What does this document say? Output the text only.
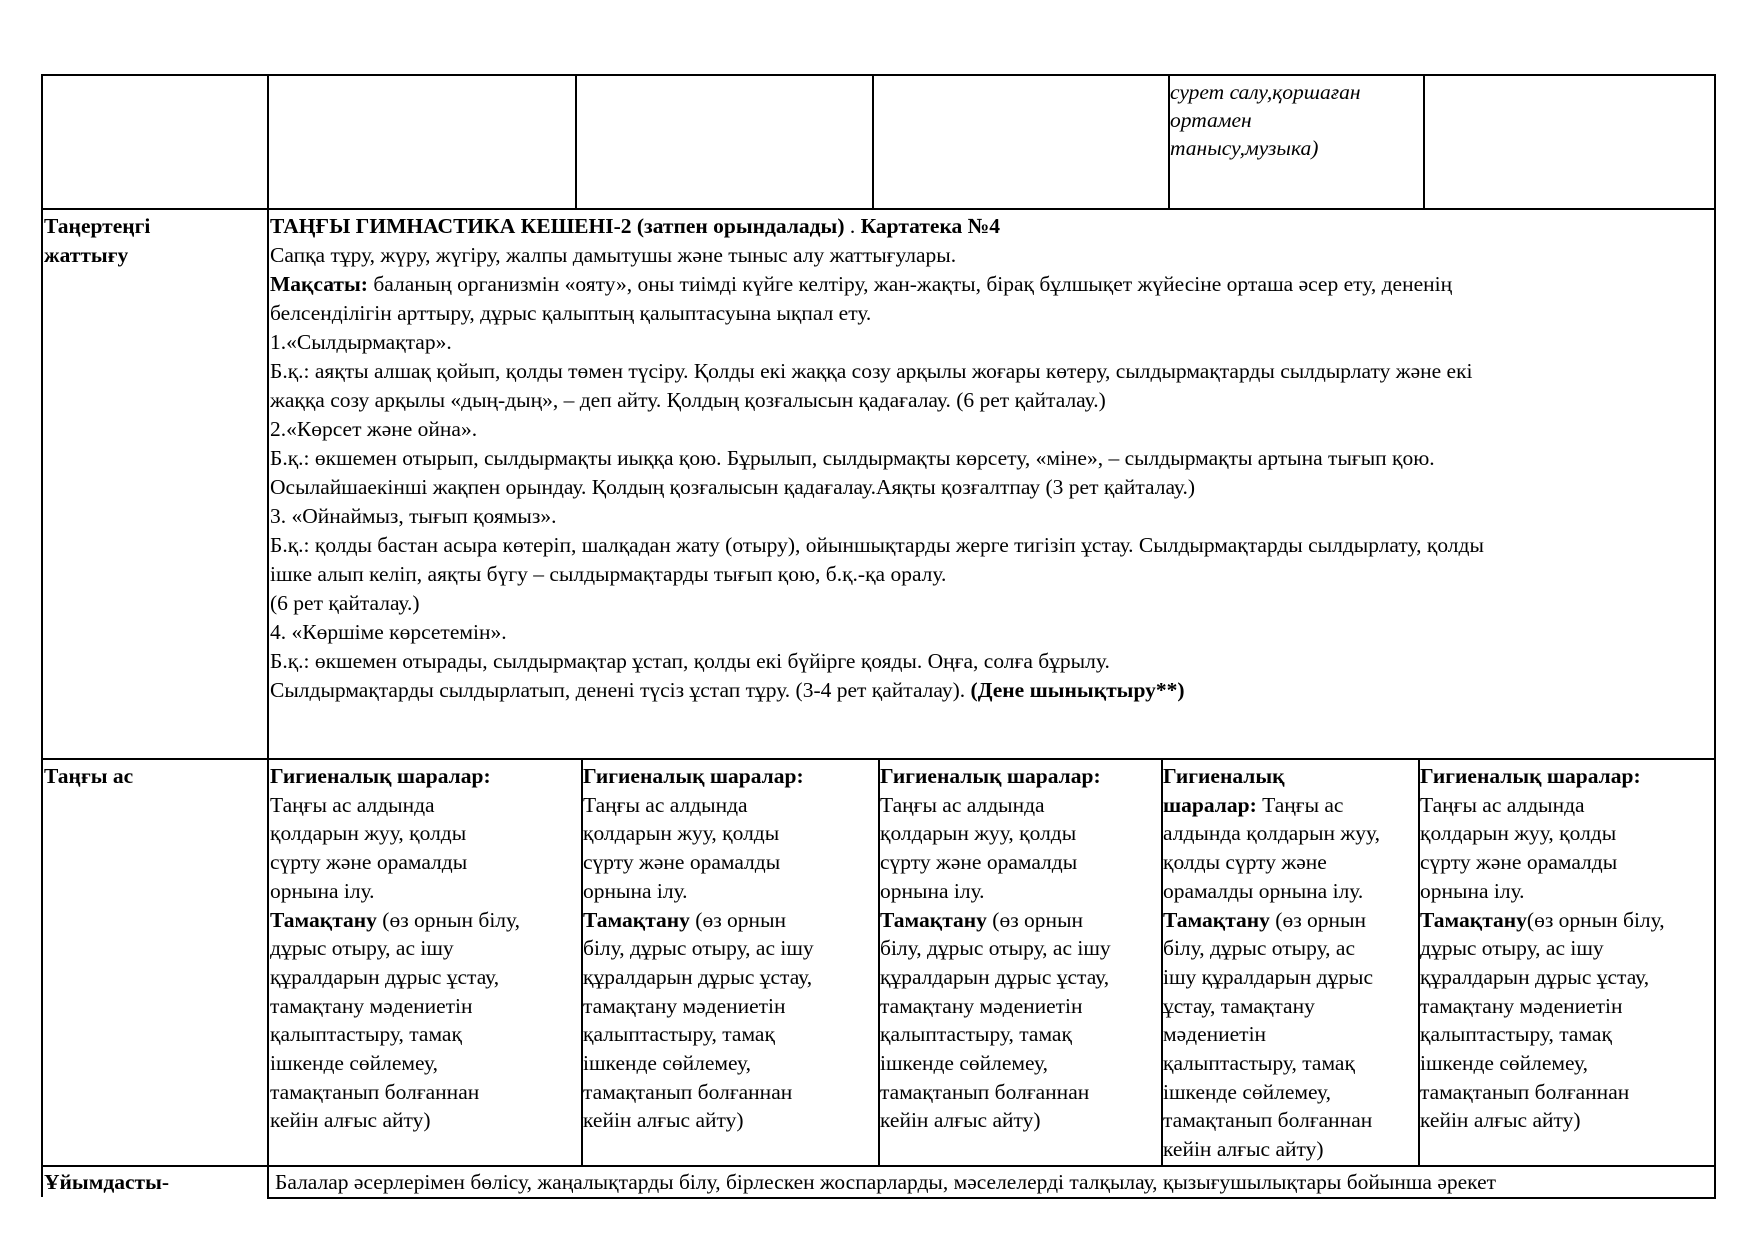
сурет салу,қоршаған
ортамен
танысу,музыка)
Таңертеңгі
жаттығу
ТАҢҒЫ ГИМНАСТИКА КЕШЕНІ-2 (затпен орындалады) . Картатека №4
Сапқа тұру, жүру, жүгіру, жалпы дамытушы және тыныс алу жаттығулары.
Мақсаты: баланың организмін «ояту», оны тиімді күйге келтіру, жан-жақты, бірақ бұлшықет жүйесіне орташа әсер ету, дененің
белсенділігін арттыру, дұрыс қалыптың қалыптасуына ықпал ету.
1.«Сылдырмақтар».
Б.қ.: аяқты алшақ қойып, қолды төмен түсіру. Қолды екі жаққа созу арқылы жоғары көтеру, сылдырмақтарды сылдырлату және екі
жаққа созу арқылы «дың-дың», – деп айту. Қолдың қозғалысын қадағалау. (6 рет қайталау.)
2.«Көрсет және ойна».
Б.қ.: өкшемен отырып, сылдырмақты иыққа қою. Бұрылып, сылдырмақты көрсету, «міне», – сылдырмақты артына тығып қою.
Осылайшаекінші жақпен орындау. Қолдың қозғалысын қадағалау.Аяқты қозғалтпау (3 рет қайталау.)
3. «Ойнаймыз, тығып қоямыз».
Б.қ.: қолды бастан асыра көтеріп, шалқадан жату (отыру), ойыншықтарды жерге тигізіп ұстау. Сылдырмақтарды сылдырлату, қолды
ішке алып келіп, аяқты бүгу – сылдырмақтарды тығып қою, б.қ.-қа оралу.
(6 рет қайталау.)
4. «Көршіме көрсетемін».
Б.қ.: өкшемен отырады, сылдырмақтар ұстап, қолды екі бүйірге қояды. Оңға, солға бұрылу.
Сылдырмақтарды сылдырлатып, денені түсіз ұстап тұру. (3-4 рет қайталау). (Дене шынықтыру**)
Таңғы ас	Гигиеналық шаралар:
Таңғы ас алдында
қолдарын жуу, қолды
сүрту және орамалды
орнына ілу.
Тамақтану (өз орнын білу,
дұрыс отыру, ас ішу
құралдарын дұрыс ұстау,
тамақтану мәдениетін
қалыптастыру, тамақ
ішкенде сөйлемеу,
тамақтанып болғаннан
кейін алғыс айту)
Гигиеналық шаралар:
Таңғы ас алдында
қолдарын жуу, қолды
сүрту және орамалды
орнына ілу.
Тамақтану (өз орнын
білу, дұрыс отыру, ас ішу
құралдарын дұрыс ұстау,
тамақтану мәдениетін
қалыптастыру, тамақ
ішкенде сөйлемеу,
тамақтанып болғаннан
кейін алғыс айту)
Гигиеналық шаралар:
Таңғы ас алдында
қолдарын жуу, қолды
сүрту және орамалды
орнына ілу.
Тамақтану (өз орнын
білу, дұрыс отыру, ас ішу
құралдарын дұрыс ұстау,
тамақтану мәдениетін
қалыптастыру, тамақ
ішкенде сөйлемеу,
тамақтанып болғаннан
кейін алғыс айту)
Гигиеналық
шаралар: Таңғы ас
алдында қолдарын жуу,
қолды сүрту және
орамалды орнына ілу.
Тамақтану (өз орнын
білу, дұрыс отыру, ас
ішу құралдарын дұрыс
ұстау, тамақтану
мәдениетін
қалыптастыру, тамақ
ішкенде сөйлемеу,
тамақтанып болғаннан
кейін алғыс айту)
Гигиеналық шаралар:
Таңғы ас алдында
қолдарын жуу, қолды
сүрту және орамалды
орнына ілу.
Тамақтану(өз орнын білу,
дұрыс отыру, ас ішу
құралдарын дұрыс ұстау,
тамақтану мәдениетін
қалыптастыру, тамақ
ішкенде сөйлемеу,
тамақтанып болғаннан
кейін алғыс айту)
Ұйымдасты-	Балалар әсерлерімен бөлісу, жаңалықтарды білу, бірлескен жоспарларды, мәселелерді талқылау, қызығушылықтары бойынша әрекет
